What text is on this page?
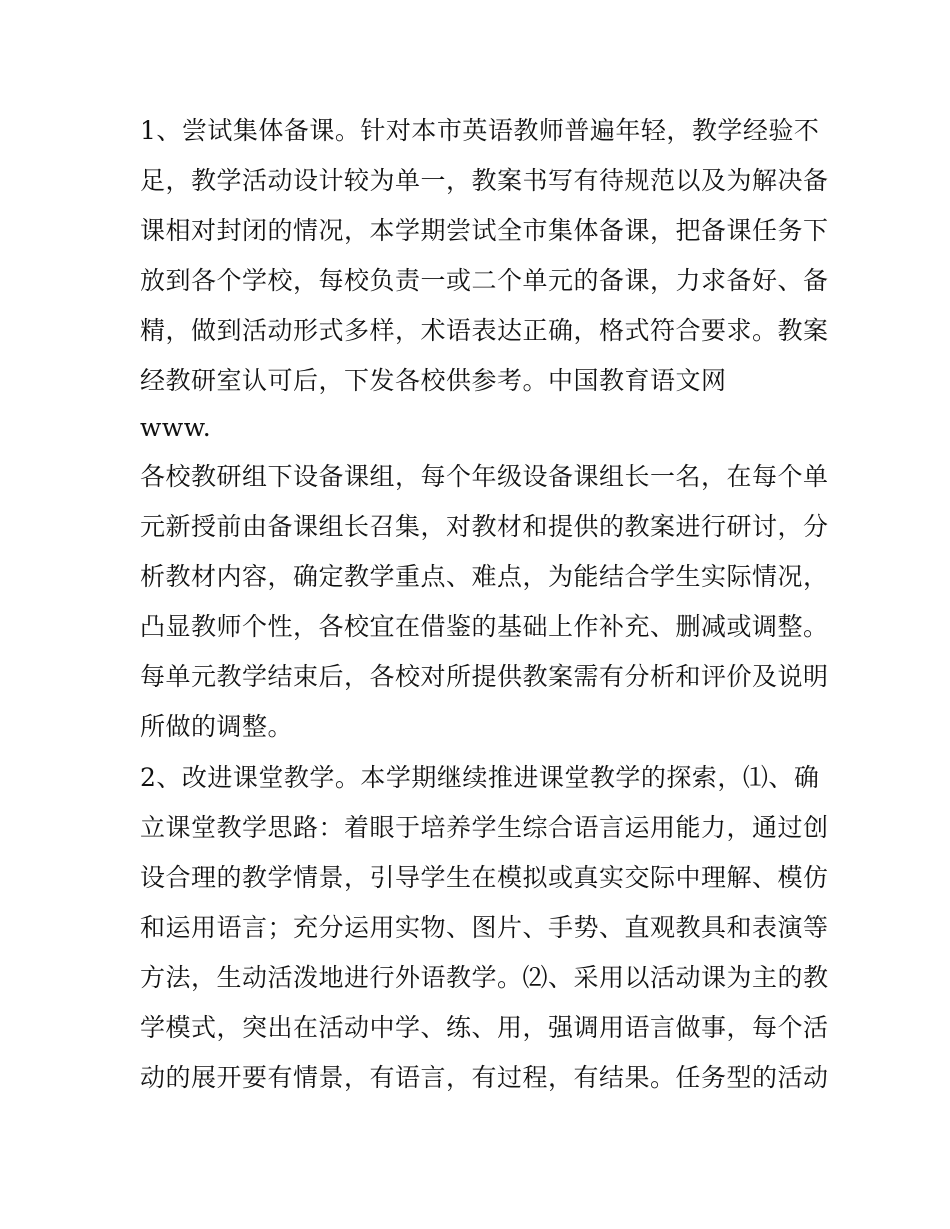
1、尝试集体备课。针对本市英语教师普遍年轻，教学经验不
足，教学活动设计较为单一，教案书写有待规范以及为解决备
课相对封闭的情况，本学期尝试全市集体备课，把备课任务下
放到各个学校，每校负责一或二个单元的备课，力求备好、备
精，做到活动形式多样，术语表达正确，格式符合要求。教案
经教研室认可后，下发各校供参考。中国教育语文网
www.
各校教研组下设备课组，每个年级设备课组长一名，在每个单
元新授前由备课组长召集，对教材和提供的教案进行研讨，分
析教材内容，确定教学重点、难点，为能结合学生实际情况，
凸显教师个性，各校宜在借鉴的基础上作补充、删减或调整。
每单元教学结束后，各校对所提供教案需有分析和评价及说明
所做的调整。
2、改进课堂教学。本学期继续推进课堂教学的探索，⑴、确
立课堂教学思路：着眼于培养学生综合语言运用能力，通过创
设合理的教学情景，引导学生在模拟或真实交际中理解、模仿
和运用语言；充分运用实物、图片、手势、直观教具和表演等
方法，生动活泼地进行外语教学。⑵、采用以活动课为主的教
学模式，突出在活动中学、练、用，强调用语言做事，每个活
动的展开要有情景，有语言，有过程，有结果。任务型的活动
